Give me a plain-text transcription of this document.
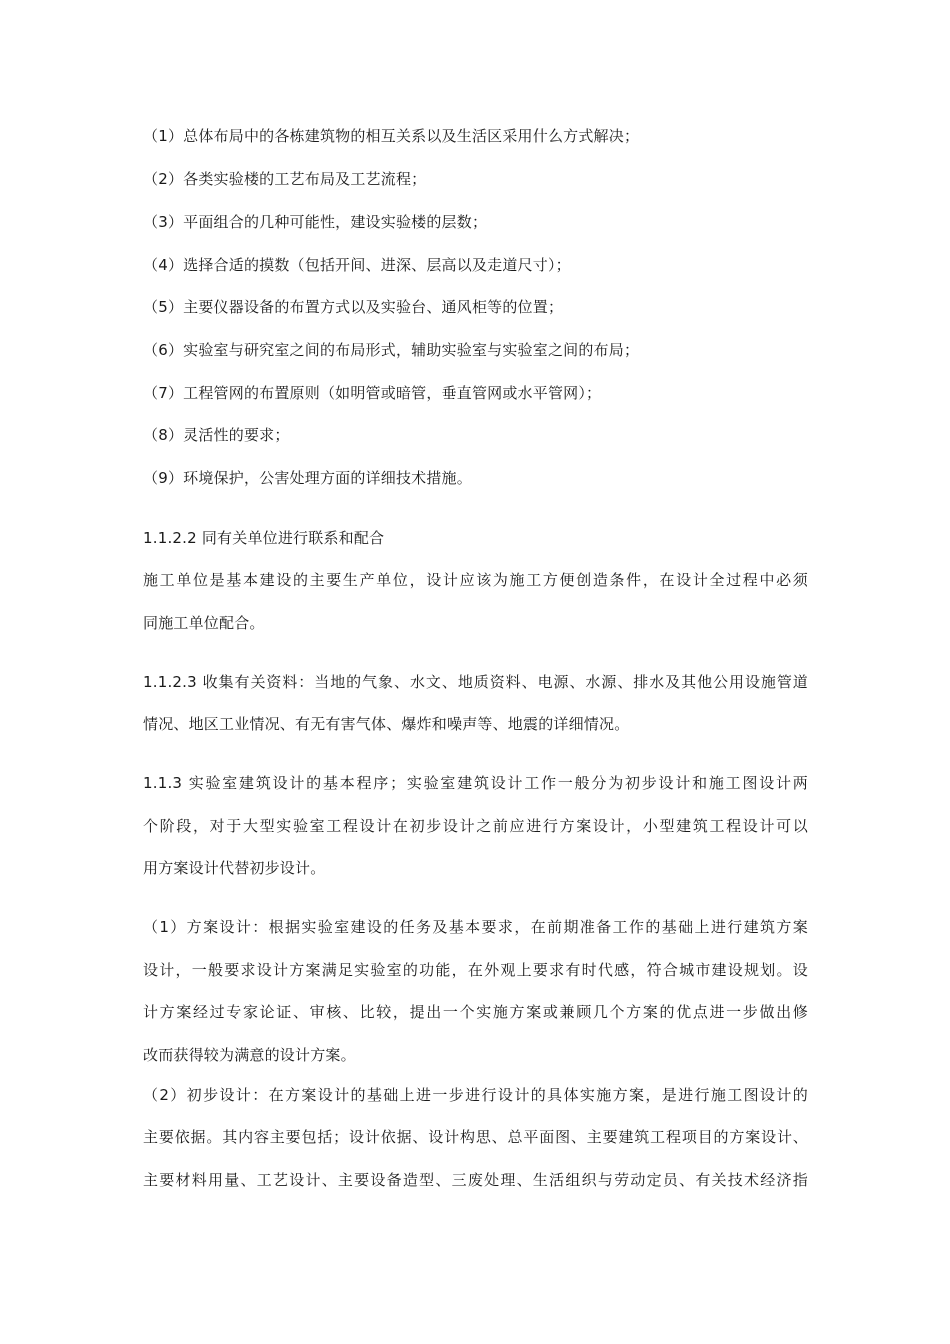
（1）总体布局中的各栋建筑物的相互关系以及生活区采用什么方式解决；
（2）各类实验楼的工艺布局及工艺流程；
（3）平面组合的几种可能性，建设实验楼的层数；
（4）选择合适的摸数（包括开间、进深、层高以及走道尺寸）；
（5）主要仪器设备的布置方式以及实验台、通风柜等的位置；
（6）实验室与研究室之间的布局形式，辅助实验室与实验室之间的布局；
（7）工程管网的布置原则（如明管或暗管，垂直管网或水平管网）；
（8）灵活性的要求；
（9）环境保护，公害处理方面的详细技术措施。
1.1.2.2 同有关单位进行联系和配合
施工单位是基本建设的主要生产单位，设计应该为施工方便创造条件，在设计全过程中必须
同施工单位配合。
1.1.2.3 收集有关资料：当地的气象、水文、地质资料、电源、水源、排水及其他公用设施管道
情况、地区工业情况、有无有害气体、爆炸和噪声等、地震的详细情况。
1.1.3 实验室建筑设计的基本程序；实验室建筑设计工作一般分为初步设计和施工图设计两
个阶段，对于大型实验室工程设计在初步设计之前应进行方案设计，小型建筑工程设计可以
用方案设计代替初步设计。
（1）方案设计：根据实验室建设的任务及基本要求，在前期准备工作的基础上进行建筑方案
设计，一般要求设计方案满足实验室的功能，在外观上要求有时代感，符合城市建设规划。设
计方案经过专家论证、审核、比较，提出一个实施方案或兼顾几个方案的优点进一步做出修
改而获得较为满意的设计方案。
（2）初步设计：在方案设计的基础上进一步进行设计的具体实施方案，是进行施工图设计的
主要依据。其内容主要包括；设计依据、设计构思、总平面图、主要建筑工程项目的方案设计、
主要材料用量、工艺设计、主要设备造型、三废处理、生活组织与劳动定员、有关技术经济指
